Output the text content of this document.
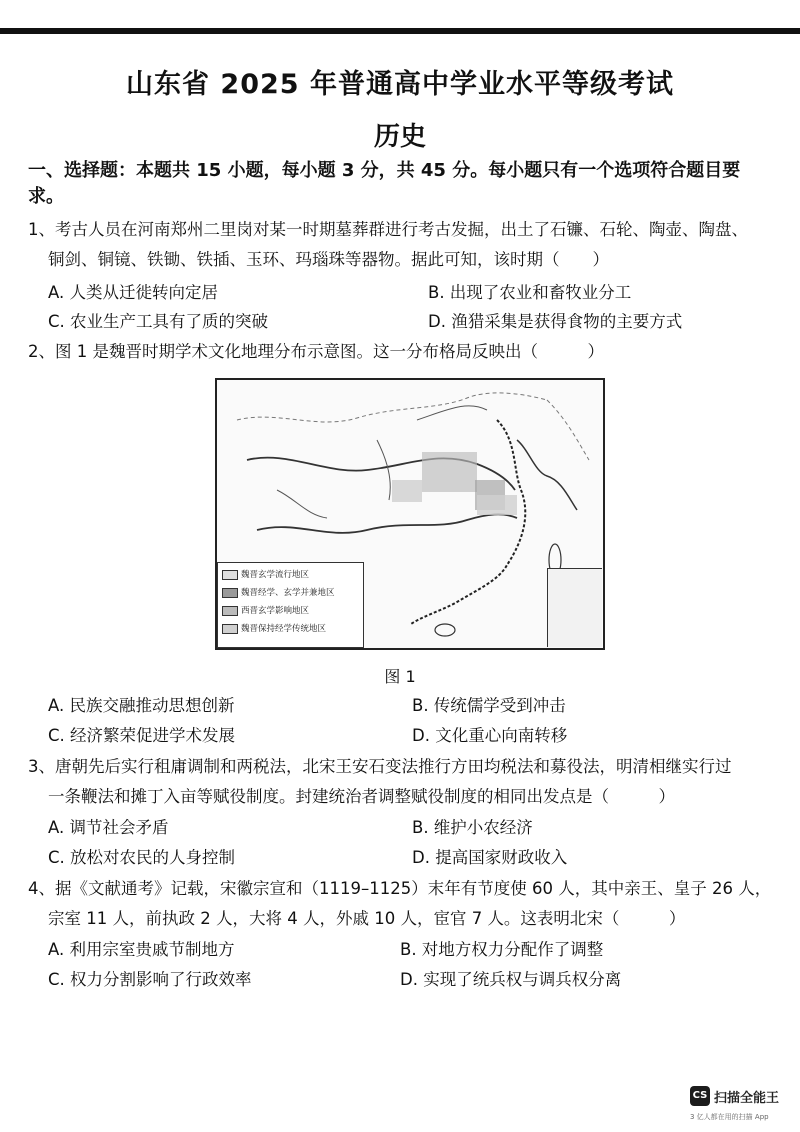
山东省 2025 年普通高中学业水平等级考试
历史
一、选择题：本题共 15 小题，每小题 3 分，共 45 分。每小题只有一个选项符合题目要
求。
1、考古人员在河南郑州二里岗对某一时期墓葬群进行考古发掘，出土了石镰、石轮、陶壶、陶盘、
铜剑、铜镜、铁锄、铁插、玉环、玛瑙珠等器物。据此可知，该时期（　　）
A. 人类从迁徙转向定居	B. 出现了农业和畜牧业分工
C. 农业生产工具有了质的突破	D. 渔猎采集是获得食物的主要方式
2、图 1 是魏晋时期学术文化地理分布示意图。这一分布格局反映出（　　　）
魏晋玄学流行地区
魏晋经学、玄学并兼地区
西晋玄学影响地区
魏晋保持经学传统地区
图 1
A. 民族交融推动思想创新	B. 传统儒学受到冲击
C. 经济繁荣促进学术发展	D. 文化重心向南转移
3、唐朝先后实行租庸调制和两税法，北宋王安石变法推行方田均税法和募役法，明清相继实行过
一条鞭法和摊丁入亩等赋役制度。封建统治者调整赋役制度的相同出发点是（　　　）
A. 调节社会矛盾	B. 维护小农经济
C. 放松对农民的人身控制	D. 提高国家财政收入
4、据《文献通考》记载，宋徽宗宣和（1119–1125）末年有节度使 60 人，其中亲王、皇子 26 人，
宗室 11 人，前执政 2 人，大将 4 人，外戚 10 人，宦官 7 人。这表明北宋（　　　）
A. 利用宗室贵戚节制地方	B. 对地方权力分配作了调整
C. 权力分割影响了行政效率	D. 实现了统兵权与调兵权分离
CS 扫描全能王
3 亿人都在用的扫描 App
